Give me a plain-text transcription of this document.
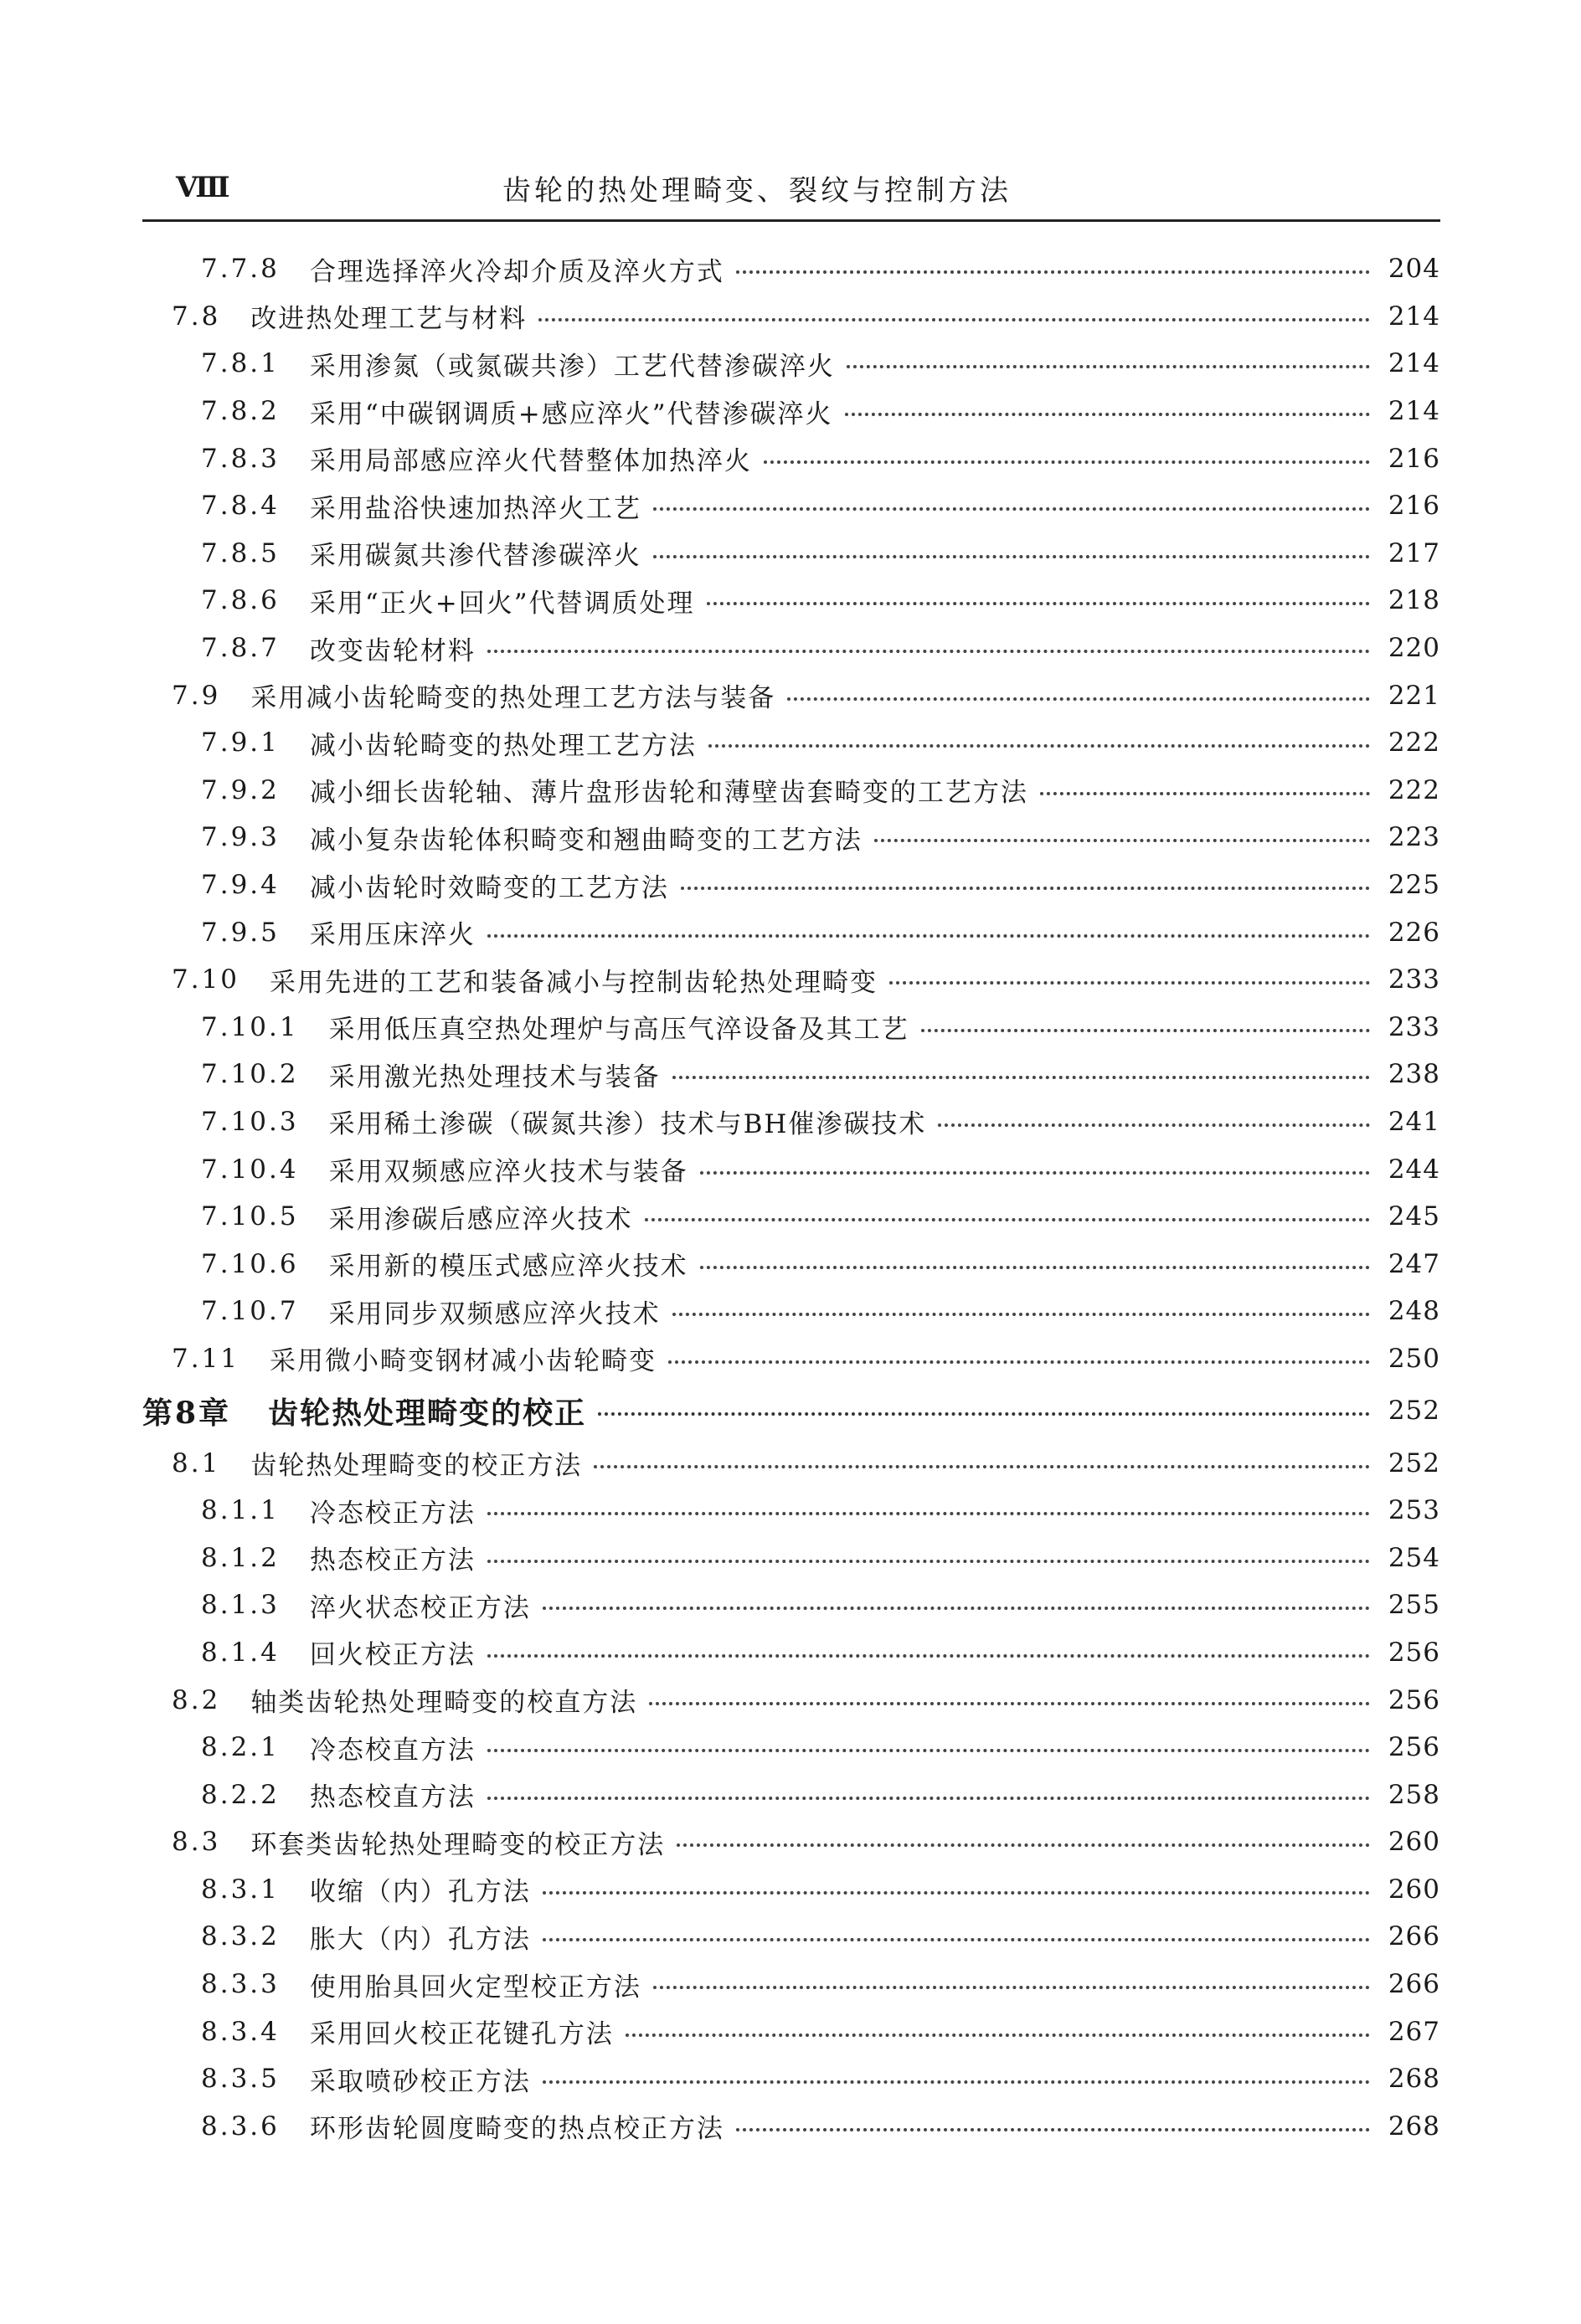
Ⅷ	齿轮的热处理畸变、裂纹与控制方法
7.7.8 合理选择淬火冷却介质及淬火方式	204
7.8 改进热处理工艺与材料	214
7.8.1 采用渗氮（或氮碳共渗）工艺代替渗碳淬火	214
7.8.2 采用“中碳钢调质+感应淬火”代替渗碳淬火	214
7.8.3 采用局部感应淬火代替整体加热淬火	216
7.8.4 采用盐浴快速加热淬火工艺	216
7.8.5 采用碳氮共渗代替渗碳淬火	217
7.8.6 采用“正火+回火”代替调质处理	218
7.8.7 改变齿轮材料	220
7.9 采用减小齿轮畸变的热处理工艺方法与装备	221
7.9.1 减小齿轮畸变的热处理工艺方法	222
7.9.2 减小细长齿轮轴、薄片盘形齿轮和薄壁齿套畸变的工艺方法	222
7.9.3 减小复杂齿轮体积畸变和翘曲畸变的工艺方法	223
7.9.4 减小齿轮时效畸变的工艺方法	225
7.9.5 采用压床淬火	226
7.10 采用先进的工艺和装备减小与控制齿轮热处理畸变	233
7.10.1 采用低压真空热处理炉与高压气淬设备及其工艺	233
7.10.2 采用激光热处理技术与装备	238
7.10.3 采用稀土渗碳（碳氮共渗）技术与BH催渗碳技术	241
7.10.4 采用双频感应淬火技术与装备	244
7.10.5 采用渗碳后感应淬火技术	245
7.10.6 采用新的模压式感应淬火技术	247
7.10.7 采用同步双频感应淬火技术	248
7.11 采用微小畸变钢材减小齿轮畸变	250
第8章 齿轮热处理畸变的校正	252
8.1 齿轮热处理畸变的校正方法	252
8.1.1 冷态校正方法	253
8.1.2 热态校正方法	254
8.1.3 淬火状态校正方法	255
8.1.4 回火校正方法	256
8.2 轴类齿轮热处理畸变的校直方法	256
8.2.1 冷态校直方法	256
8.2.2 热态校直方法	258
8.3 环套类齿轮热处理畸变的校正方法	260
8.3.1 收缩（内）孔方法	260
8.3.2 胀大（内）孔方法	266
8.3.3 使用胎具回火定型校正方法	266
8.3.4 采用回火校正花键孔方法	267
8.3.5 采取喷砂校正方法	268
8.3.6 环形齿轮圆度畸变的热点校正方法	268
